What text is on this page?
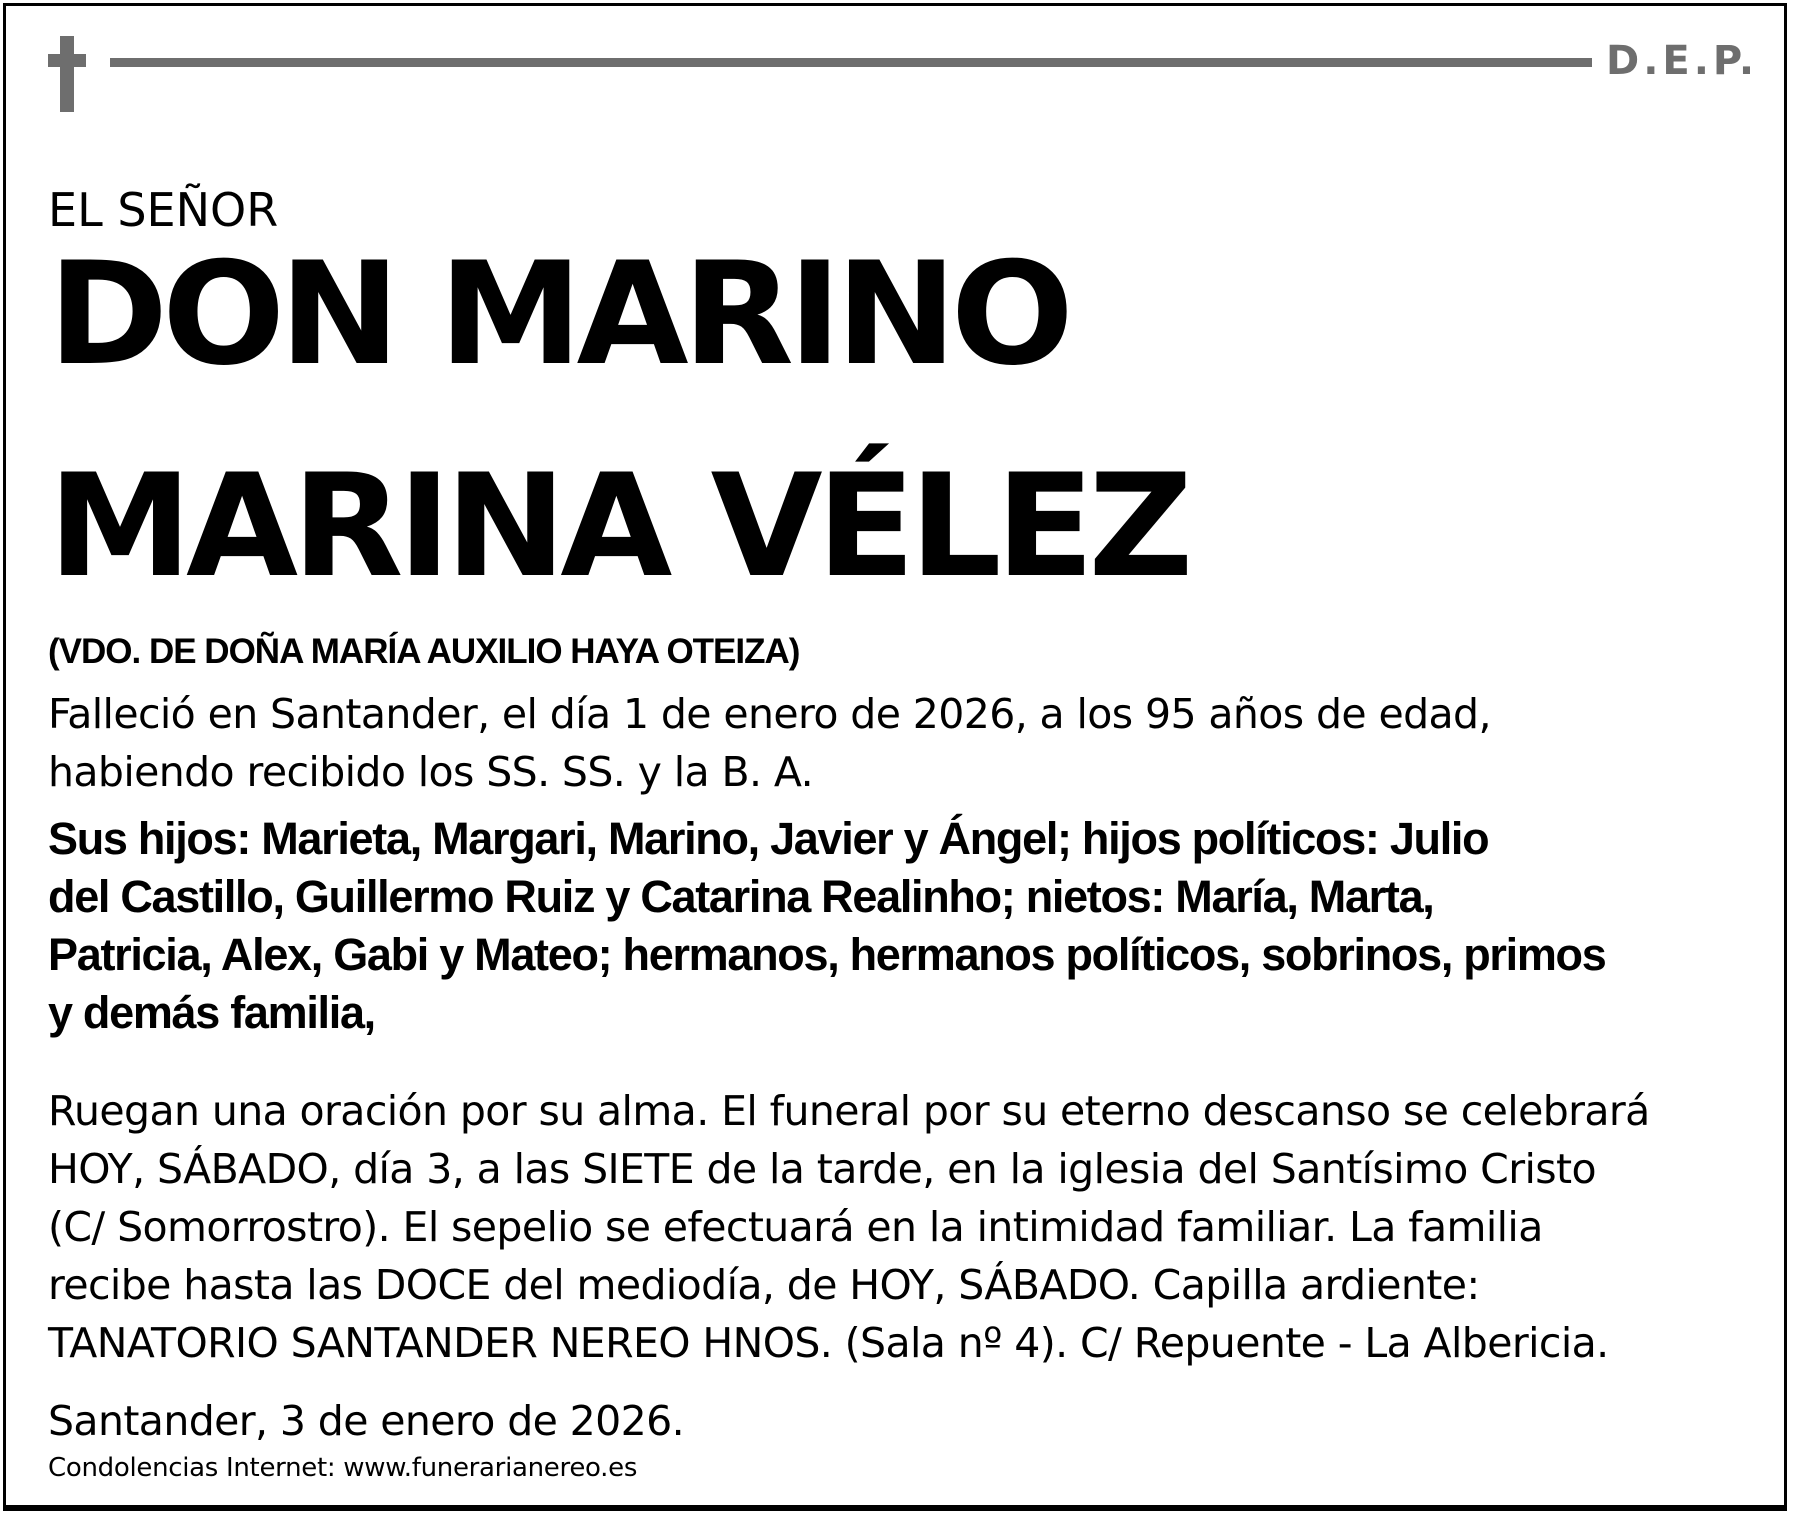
D.E.P.
EL SEÑOR
DON MARINO
MARINA VÉLEZ
(VDO. DE DOÑA MARÍA AUXILIO HAYA OTEIZA)
Falleció en Santander, el día 1 de enero de 2026, a los 95 años de edad,
habiendo recibido los SS. SS. y la B. A.
Sus hijos: Marieta, Margari, Marino, Javier y Ángel; hijos políticos: Julio
del Castillo, Guillermo Ruiz y Catarina Realinho; nietos: María, Marta,
Patricia, Alex, Gabi y Mateo; hermanos, hermanos políticos, sobrinos, primos
y demás familia,
Ruegan una oración por su alma. El funeral por su eterno descanso se celebrará
HOY, SÁBADO, día 3, a las SIETE de la tarde, en la iglesia del Santísimo Cristo
(C/ Somorrostro). El sepelio se efectuará en la intimidad familiar. La familia
recibe hasta las DOCE del mediodía, de HOY, SÁBADO. Capilla ardiente:
TANATORIO SANTANDER NEREO HNOS. (Sala nº 4). C/ Repuente - La Albericia.
Santander, 3 de enero de 2026.
Condolencias Internet: www.funerarianereo.es
